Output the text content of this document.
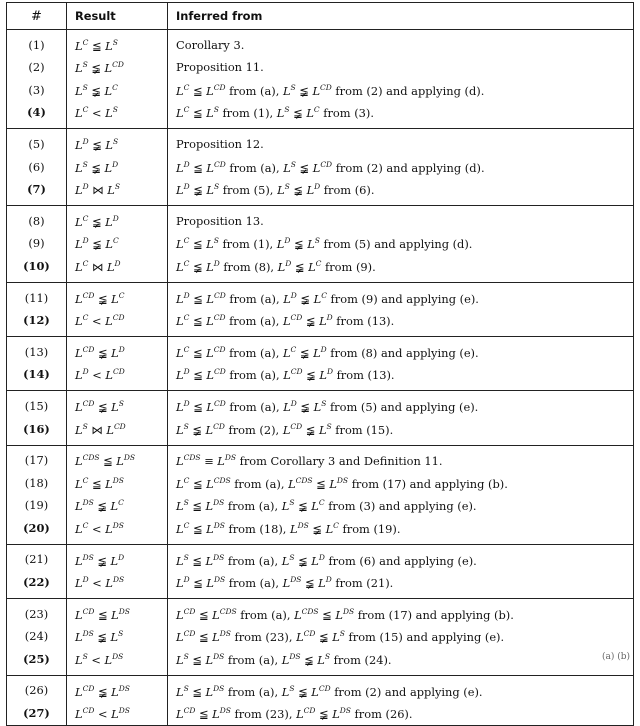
#	Result	Inferred from
(1)	$L^C$ ≦ $L^S$	Corollary 3.
(2)	$L^S$ ≨ $L^{CD}$	Proposition 11.
(3)	$L^S$ ≨ $L^C$	$L^C$ ≦ $L^{CD}$ from (a), $L^S$ ≨ $L^{CD}$ from (2) and applying (d).
(4)	$L^C < L^S$	$L^C$ ≦ $L^S$ from (1), $L^S$ ≨ $L^C$ from (3).
(5)	$L^D$ ≨ $L^S$	Proposition 12.
(6)	$L^S$ ≨ $L^D$	$L^D$ ≦ $L^{CD}$ from (a), $L^S$ ≨ $L^{CD}$ from (2) and applying (d).
(7)	$L^D$ ⋈ $L^S$	$L^D$ ≨ $L^S$ from (5), $L^S$ ≨ $L^D$ from (6).
(8)	$L^C$ ≨ $L^D$	Proposition 13.
(9)	$L^D$ ≨ $L^C$	$L^C$ ≦ $L^S$ from (1), $L^D$ ≨ $L^S$ from (5) and applying (d).
(10)	$L^C$ ⋈ $L^D$	$L^C$ ≨ $L^D$ from (8), $L^D$ ≨ $L^C$ from (9).
(11)	$L^{CD}$ ≨ $L^C$	$L^D$ ≦ $L^{CD}$ from (a), $L^D$ ≨ $L^C$ from (9) and applying (e).
(12)	$L^C < L^{CD}$	$L^C$ ≦ $L^{CD}$ from (a), $L^{CD}$ ≨ $L^D$ from (13).
(13)	$L^{CD}$ ≨ $L^D$	$L^C$ ≦ $L^{CD}$ from (a), $L^C$ ≨ $L^D$ from (8) and applying (e).
(14)	$L^D < L^{CD}$	$L^D$ ≦ $L^{CD}$ from (a), $L^{CD}$ ≨ $L^D$ from (13).
(15)	$L^{CD}$ ≨ $L^S$	$L^D$ ≦ $L^{CD}$ from (a), $L^D$ ≨ $L^S$ from (5) and applying (e).
(16)	$L^S$ ⋈ $L^{CD}$	$L^S$ ≨ $L^{CD}$ from (2), $L^{CD}$ ≨ $L^S$ from (15).
(17)	$L^{CDS}$ ≦ $L^{DS}$	$L^{CDS} \equiv L^{DS}$ from Corollary 3 and Definition 11.
(18)	$L^C$ ≦ $L^{DS}$	$L^C$ ≦ $L^{CDS}$ from (a), $L^{CDS}$ ≦ $L^{DS}$ from (17) and applying (b).
(19)	$L^{DS}$ ≨ $L^C$	$L^S$ ≦ $L^{DS}$ from (a), $L^S$ ≨ $L^C$ from (3) and applying (e).
(20)	$L^C < L^{DS}$	$L^C$ ≦ $L^{DS}$ from (18), $L^{DS}$ ≨ $L^C$ from (19).
(21)	$L^{DS}$ ≨ $L^D$	$L^S$ ≦ $L^{DS}$ from (a), $L^S$ ≨ $L^D$ from (6) and applying (e).
(22)	$L^D < L^{DS}$	$L^D$ ≦ $L^{DS}$ from (a), $L^{DS}$ ≨ $L^D$ from (21).
(23)	$L^{CD}$ ≦ $L^{DS}$	$L^{CD}$ ≦ $L^{CDS}$ from (a), $L^{CDS}$ ≦ $L^{DS}$ from (17) and applying (b).
(24)	$L^{DS}$ ≨ $L^S$	$L^{CD}$ ≦ $L^{DS}$ from (23), $L^{CD}$ ≨ $L^S$ from (15) and applying (e).
(25)	$L^S < L^{DS}$	$L^S$ ≦ $L^{DS}$ from (a), $L^{DS}$ ≨ $L^S$ from (24).
(26)	$L^{CD}$ ≨ $L^{DS}$	$L^S$ ≦ $L^{DS}$ from (a), $L^S$ ≨ $L^{CD}$ from (2) and applying (e).
(27)	$L^{CD} < L^{DS}$	$L^{CD}$ ≦ $L^{DS}$ from (23), $L^{CD}$ ≨ $L^{DS}$ from (26).
(a) (b)
